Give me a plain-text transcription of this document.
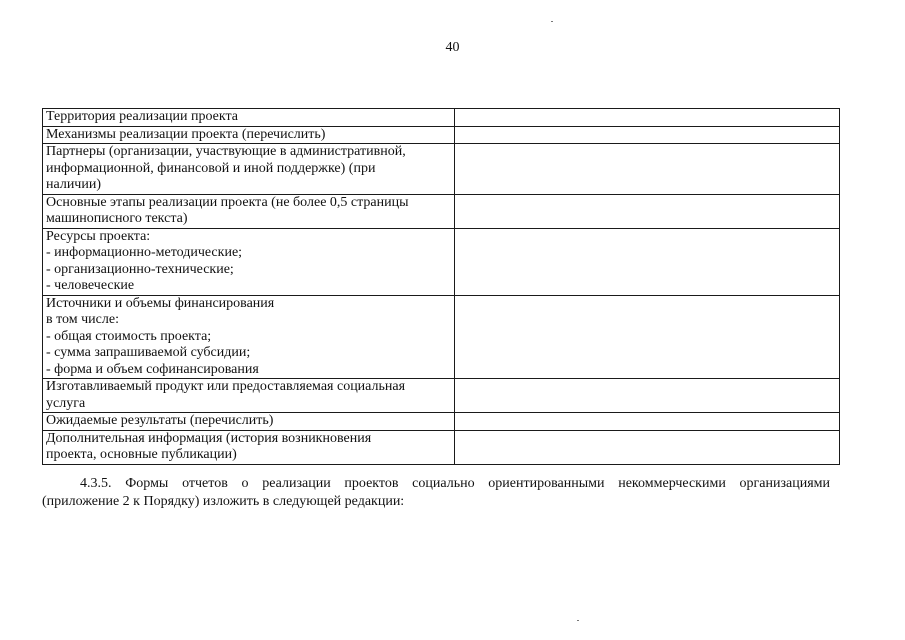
40
Территория реализации проекта	

Механизмы реализации проекта (перечислить)	

Партнеры (организации, участвующие в административной,
информационной, финансовой и иной поддержке) (при
наличии)	

Основные этапы реализации проекта (не более 0,5 страницы
машинописного текста)	

Ресурсы проекта:
- информационно-методические;
- организационно-технические;
- человеческие	

Источники и объемы финансирования
в том числе:
- общая стоимость проекта;
- сумма запрашиваемой субсидии;
- форма и объем софинансирования	

Изготавливаемый продукт или предоставляемая социальная
услуга	

Ожидаемые результаты (перечислить)	

Дополнительная информация (история возникновения
проекта, основные публикации)	

4.3.5. Формы отчетов о реализации проектов социально ориентированными некоммерческими организациями
(приложение 2 к Порядку) изложить в следующей редакции:
